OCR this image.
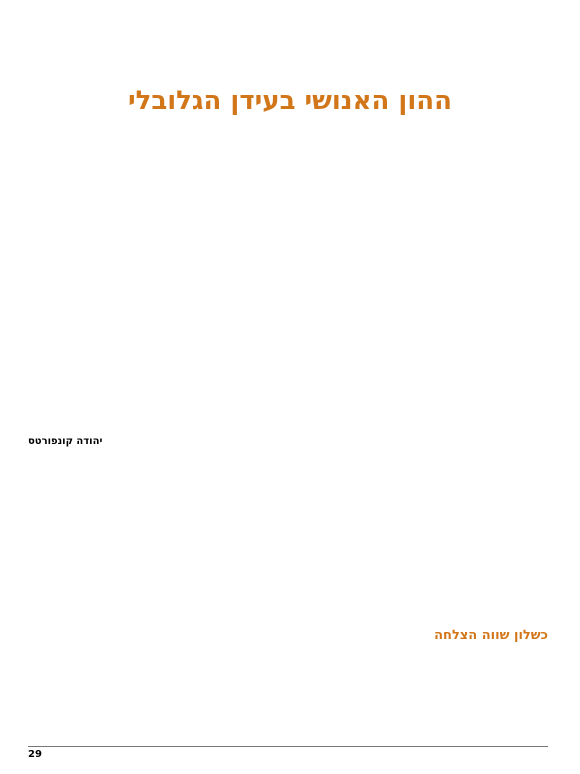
ההון האנושי בעידן הגלובלי

יהודה קונפורטס

כשלון שווה הצלחה

29
